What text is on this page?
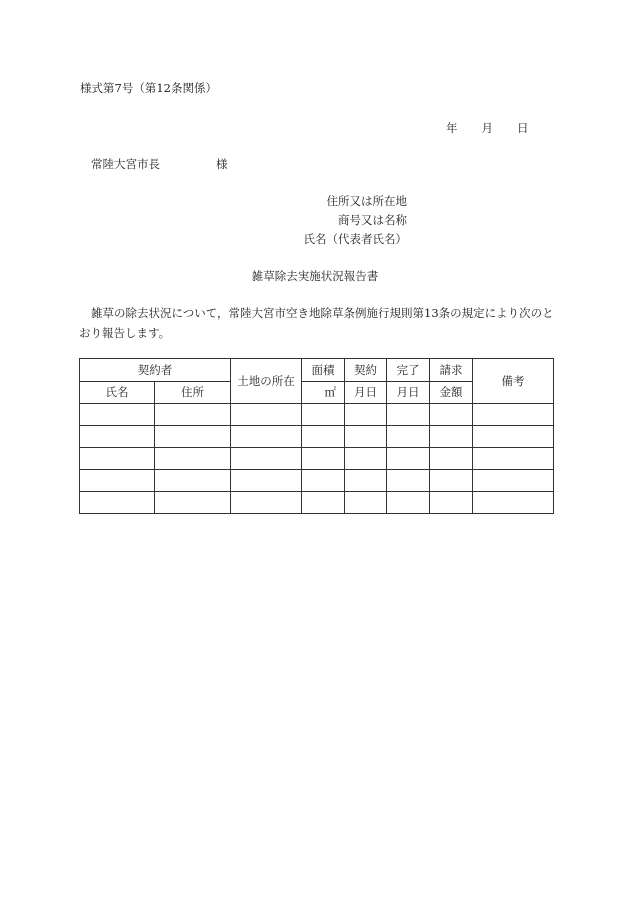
様式第7号（第12条関係）
年 月 日
常陸大宮市長	様
住所又は所在地
商号又は名称
氏名（代表者氏名）
雑草除去実施状況報告書
雑草の除去状況について，常陸大宮市空き地除草条例施行規則第13条の規定により次のとおり報告します。
契約者		土地の所在	面積	契約	完了	請求	備考
氏名	住所		㎡	月日	月日	金額	
